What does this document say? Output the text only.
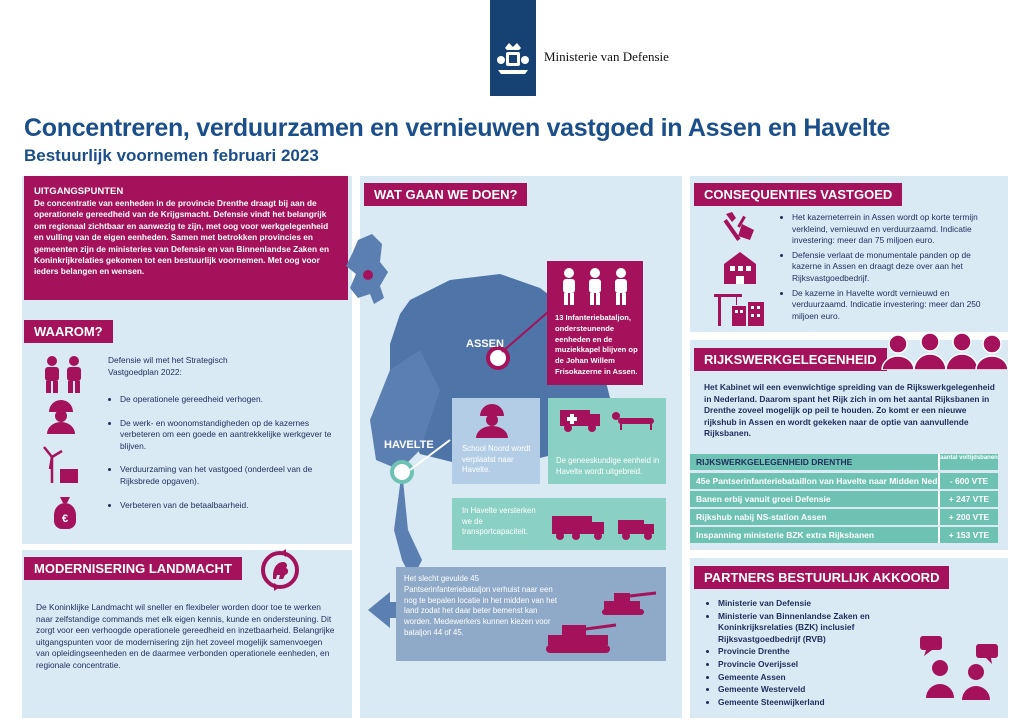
Ministerie van Defensie
Concentreren, verduurzamen en vernieuwen vastgoed in Assen en Havelte
Bestuurlijk voornemen februari 2023
UITGANGSPUNTEN
De concentratie van eenheden in de provincie Drenthe draagt bij aan de operationele gereedheid van de Krijgsmacht. Defensie vindt het belangrijk om regionaal zichtbaar en aanwezig te zijn, met oog voor werkgelegenheid en vulling van de eigen eenheden. Samen met betrokken provincies en gemeenten zijn de ministeries van Defensie en van Binnenlandse Zaken en Koninkrijkrelaties gekomen tot een bestuurlijk voornemen. Met oog voor ieders belangen en wensen.
WAAROM?
€
Defensie wil met het Strategisch Vastgoedplan 2022:
• De operationele gereedheid verhogen.
• De werk- en woonomstandigheden op de kazernes verbeteren om een goede en aantrekkelijke werkgever te blijven.
• Verduurzaming van het vastgoed (onderdeel van de Rijksbrede opgaven).
• Verbeteren van de betaalbaarheid.
MODERNISERING LANDMACHT
De Koninklijke Landmacht wil sneller en flexibeler worden door toe te werken naar zelfstandige commands met elk eigen kennis, kunde en ondersteuning. Dit zorgt voor een verhoogde operationele gereedheid en inzetbaarheid. Belangrijke uitgangspunten voor de modernisering zijn het zoveel mogelijk samenvoegen van opleidingseenheden en de daarmee verbonden operationele eenheden, en regionale concentratie.
WAT GAAN WE DOEN?
ASSEN
HAVELTE
13 Infanteriebataljon, ondersteunende eenheden en de muziekkapel blijven op de Johan Willem Frisokazerne in Assen.
School Noord wordt verplaatst naar Havelte.
De geneeskundige eenheid in Havelte wordt uitgebreid.
In Havelte versterken we de transportcapaciteit.
Het slecht gevulde 45 Pantserinfanteriebataljon verhuist naar een nog te bepalen locatie in het midden van het land zodat het daar beter bemenst kan worden. Medewerkers kunnen kiezen voor bataljon 44 of 45.
CONSEQUENTIES VASTGOED
• Het kazerneterrein in Assen wordt op korte termijn verkleind, vernieuwd en verduurzaamd. Indicatie investering: meer dan 75 miljoen euro.
• Defensie verlaat de monumentale panden op de kazerne in Assen en draagt deze over aan het Rijksvastgoedbedrijf.
• De kazerne in Havelte wordt vernieuwd en verduurzaamd. Indicatie investering: meer dan 250 miljoen euro.
RIJKSWERKGELEGENHEID
Het Kabinet wil een evenwichtige spreiding van de Rijkswerkgelegenheid in Nederland. Daarom spant het Rijk zich in om het aantal Rijksbanen in Drenthe zoveel mogelijk op peil te houden. Zo komt er een nieuwe rijkshub in Assen en wordt gekeken naar de optie van aanvullende Rijksbanen.
RIJKSWERKGELEGENHEID DRENTHE	aantal voltijdsbanen
45e Pantserinfanteriebataillon van Havelte naar Midden Ned.	- 600 VTE
Banen erbij vanuit groei Defensie	+ 247 VTE
Rijkshub nabij NS-station Assen	+ 200 VTE
Inspanning ministerie BZK extra Rijksbanen	+ 153 VTE
PARTNERS BESTUURLIJK AKKOORD
• Ministerie van Defensie
• Ministerie van Binnenlandse Zaken en Koninkrijksrelaties (BZK) inclusief Rijksvastgoedbedrijf (RVB)
• Provincie Drenthe
• Provincie Overijssel
• Gemeente Assen
• Gemeente Westerveld
• Gemeente Steenwijkerland
